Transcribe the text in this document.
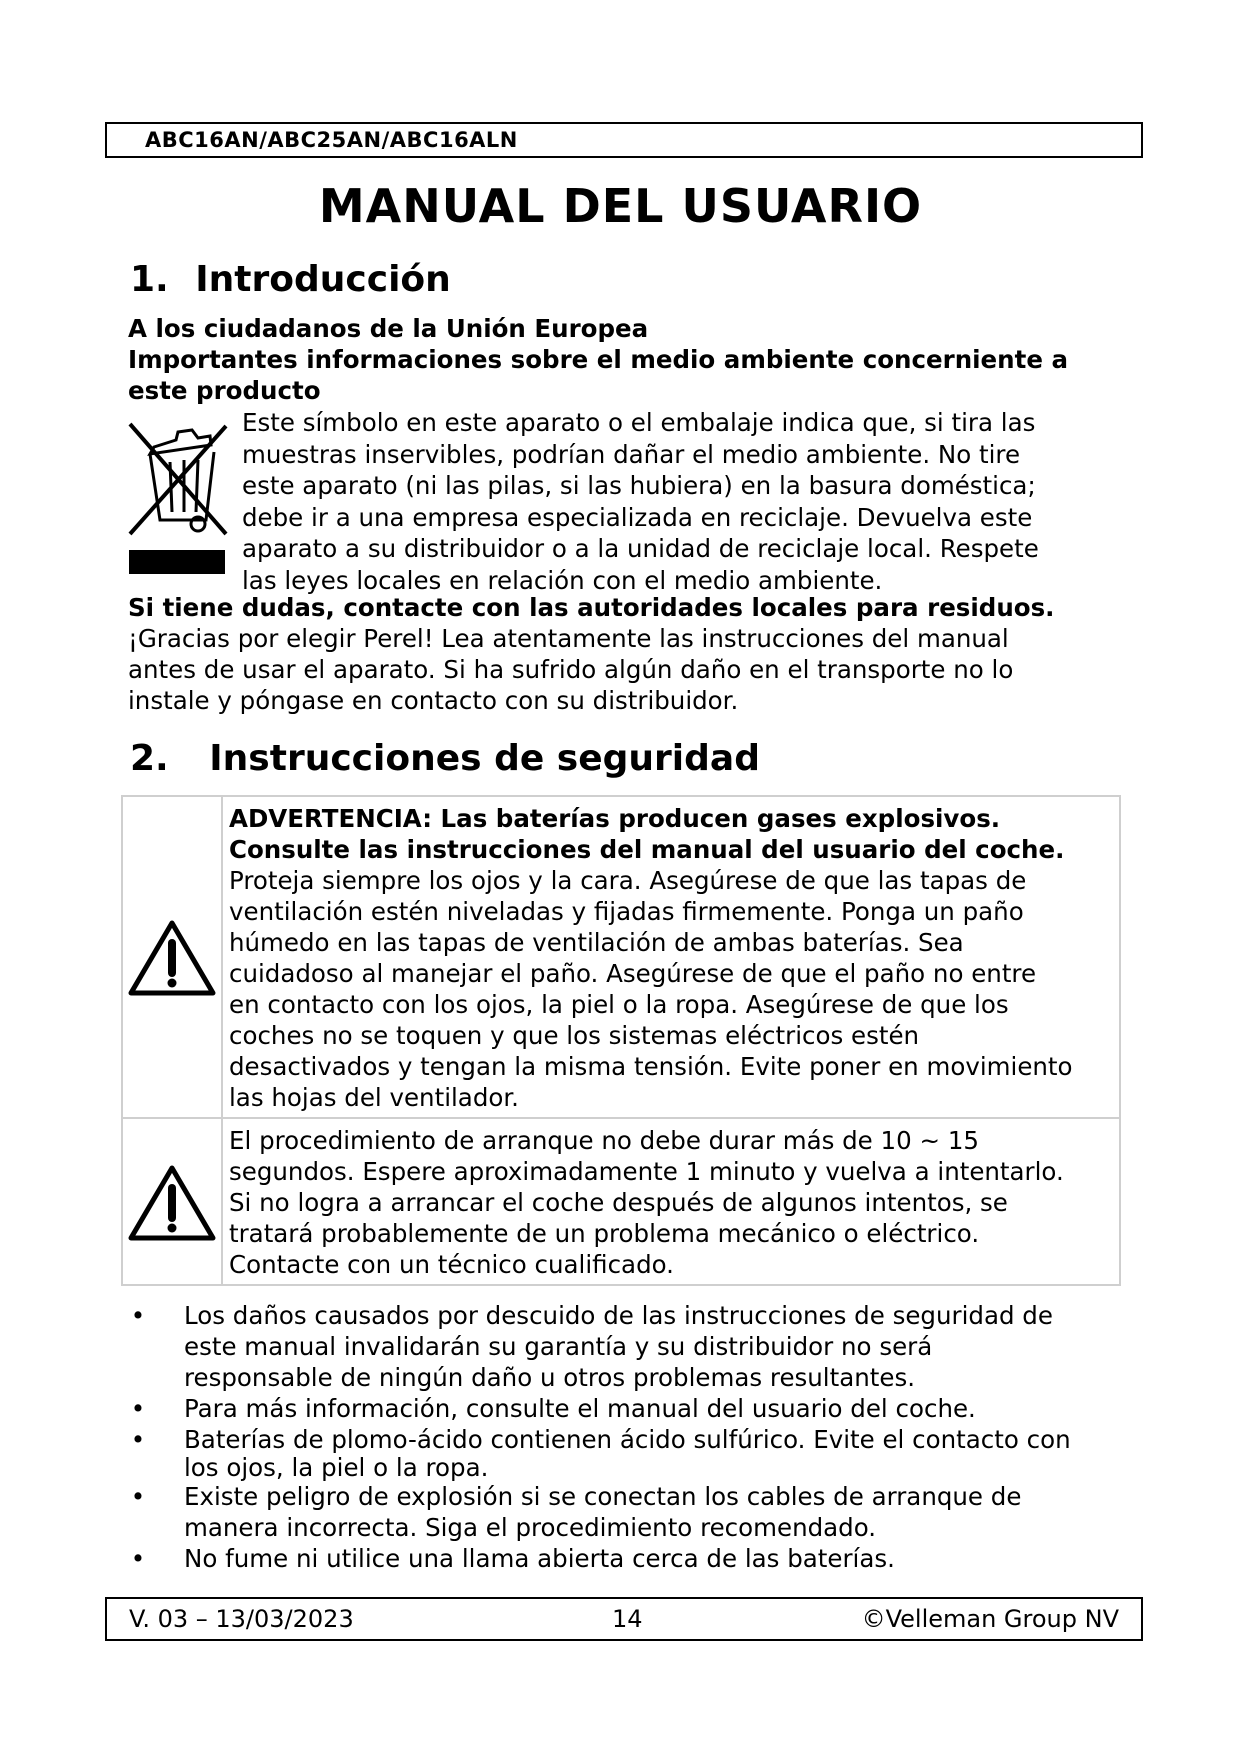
ABC16AN/ABC25AN/ABC16ALN
MANUAL DEL USUARIO
1. Introducción

A los ciudadanos de la Unión Europea

Importantes informaciones sobre el medio ambiente concerniente a este producto

Este símbolo en este aparato o el embalaje indica que, si tira las
muestras inservibles, podrían dañar el medio ambiente. No tire
este aparato (ni las pilas, si las hubiera) en la basura doméstica;
debe ir a una empresa especializada en reciclaje. Devuelva este
aparato a su distribuidor o a la unidad de reciclaje local. Respete
las leyes locales en relación con el medio ambiente.

Si tiene dudas, contacte con las autoridades locales para residuos.

¡Gracias por elegir Perel! Lea atentamente las instrucciones del manual
antes de usar el aparato. Si ha sufrido algún daño en el transporte no lo
instale y póngase en contacto con su distribuidor.
2. Instrucciones de seguridad

ADVERTENCIA: Las baterías producen gases explosivos.

Consulte las instrucciones del manual del usuario del coche.

Proteja siempre los ojos y la cara. Asegúrese de que las tapas de

ventilación estén niveladas y fijadas firmemente. Ponga un paño

húmedo en las tapas de ventilación de ambas baterías. Sea

cuidadoso al manejar el paño. Asegúrese de que el paño no entre

en contacto con los ojos, la piel o la ropa. Asegúrese de que los

coches no se toquen y que los sistemas eléctricos estén

desactivados y tengan la misma tensión. Evite poner en movimiento

las hojas del ventilador.

El procedimiento de arranque no debe durar más de 10 ~ 15

segundos. Espere aproximadamente 1 minuto y vuelva a intentarlo.

Si no logra a arrancar el coche después de algunos intentos, se

tratará probablemente de un problema mecánico o eléctrico.

Contacte con un técnico cualificado.

• Los daños causados por descuido de las instrucciones de seguridad de
este manual invalidarán su garantía y su distribuidor no será
responsable de ningún daño u otros problemas resultantes.
• Para más información, consulte el manual del usuario del coche.
• Baterías de plomo-ácido contienen ácido sulfúrico. Evite el contacto con
los ojos, la piel o la ropa.
• Existe peligro de explosión si se conectan los cables de arranque de
manera incorrecta. Siga el procedimiento recomendado.
• No fume ni utilice una llama abierta cerca de las baterías.
V. 03 – 13/03/2023	14	©Velleman Group NV
